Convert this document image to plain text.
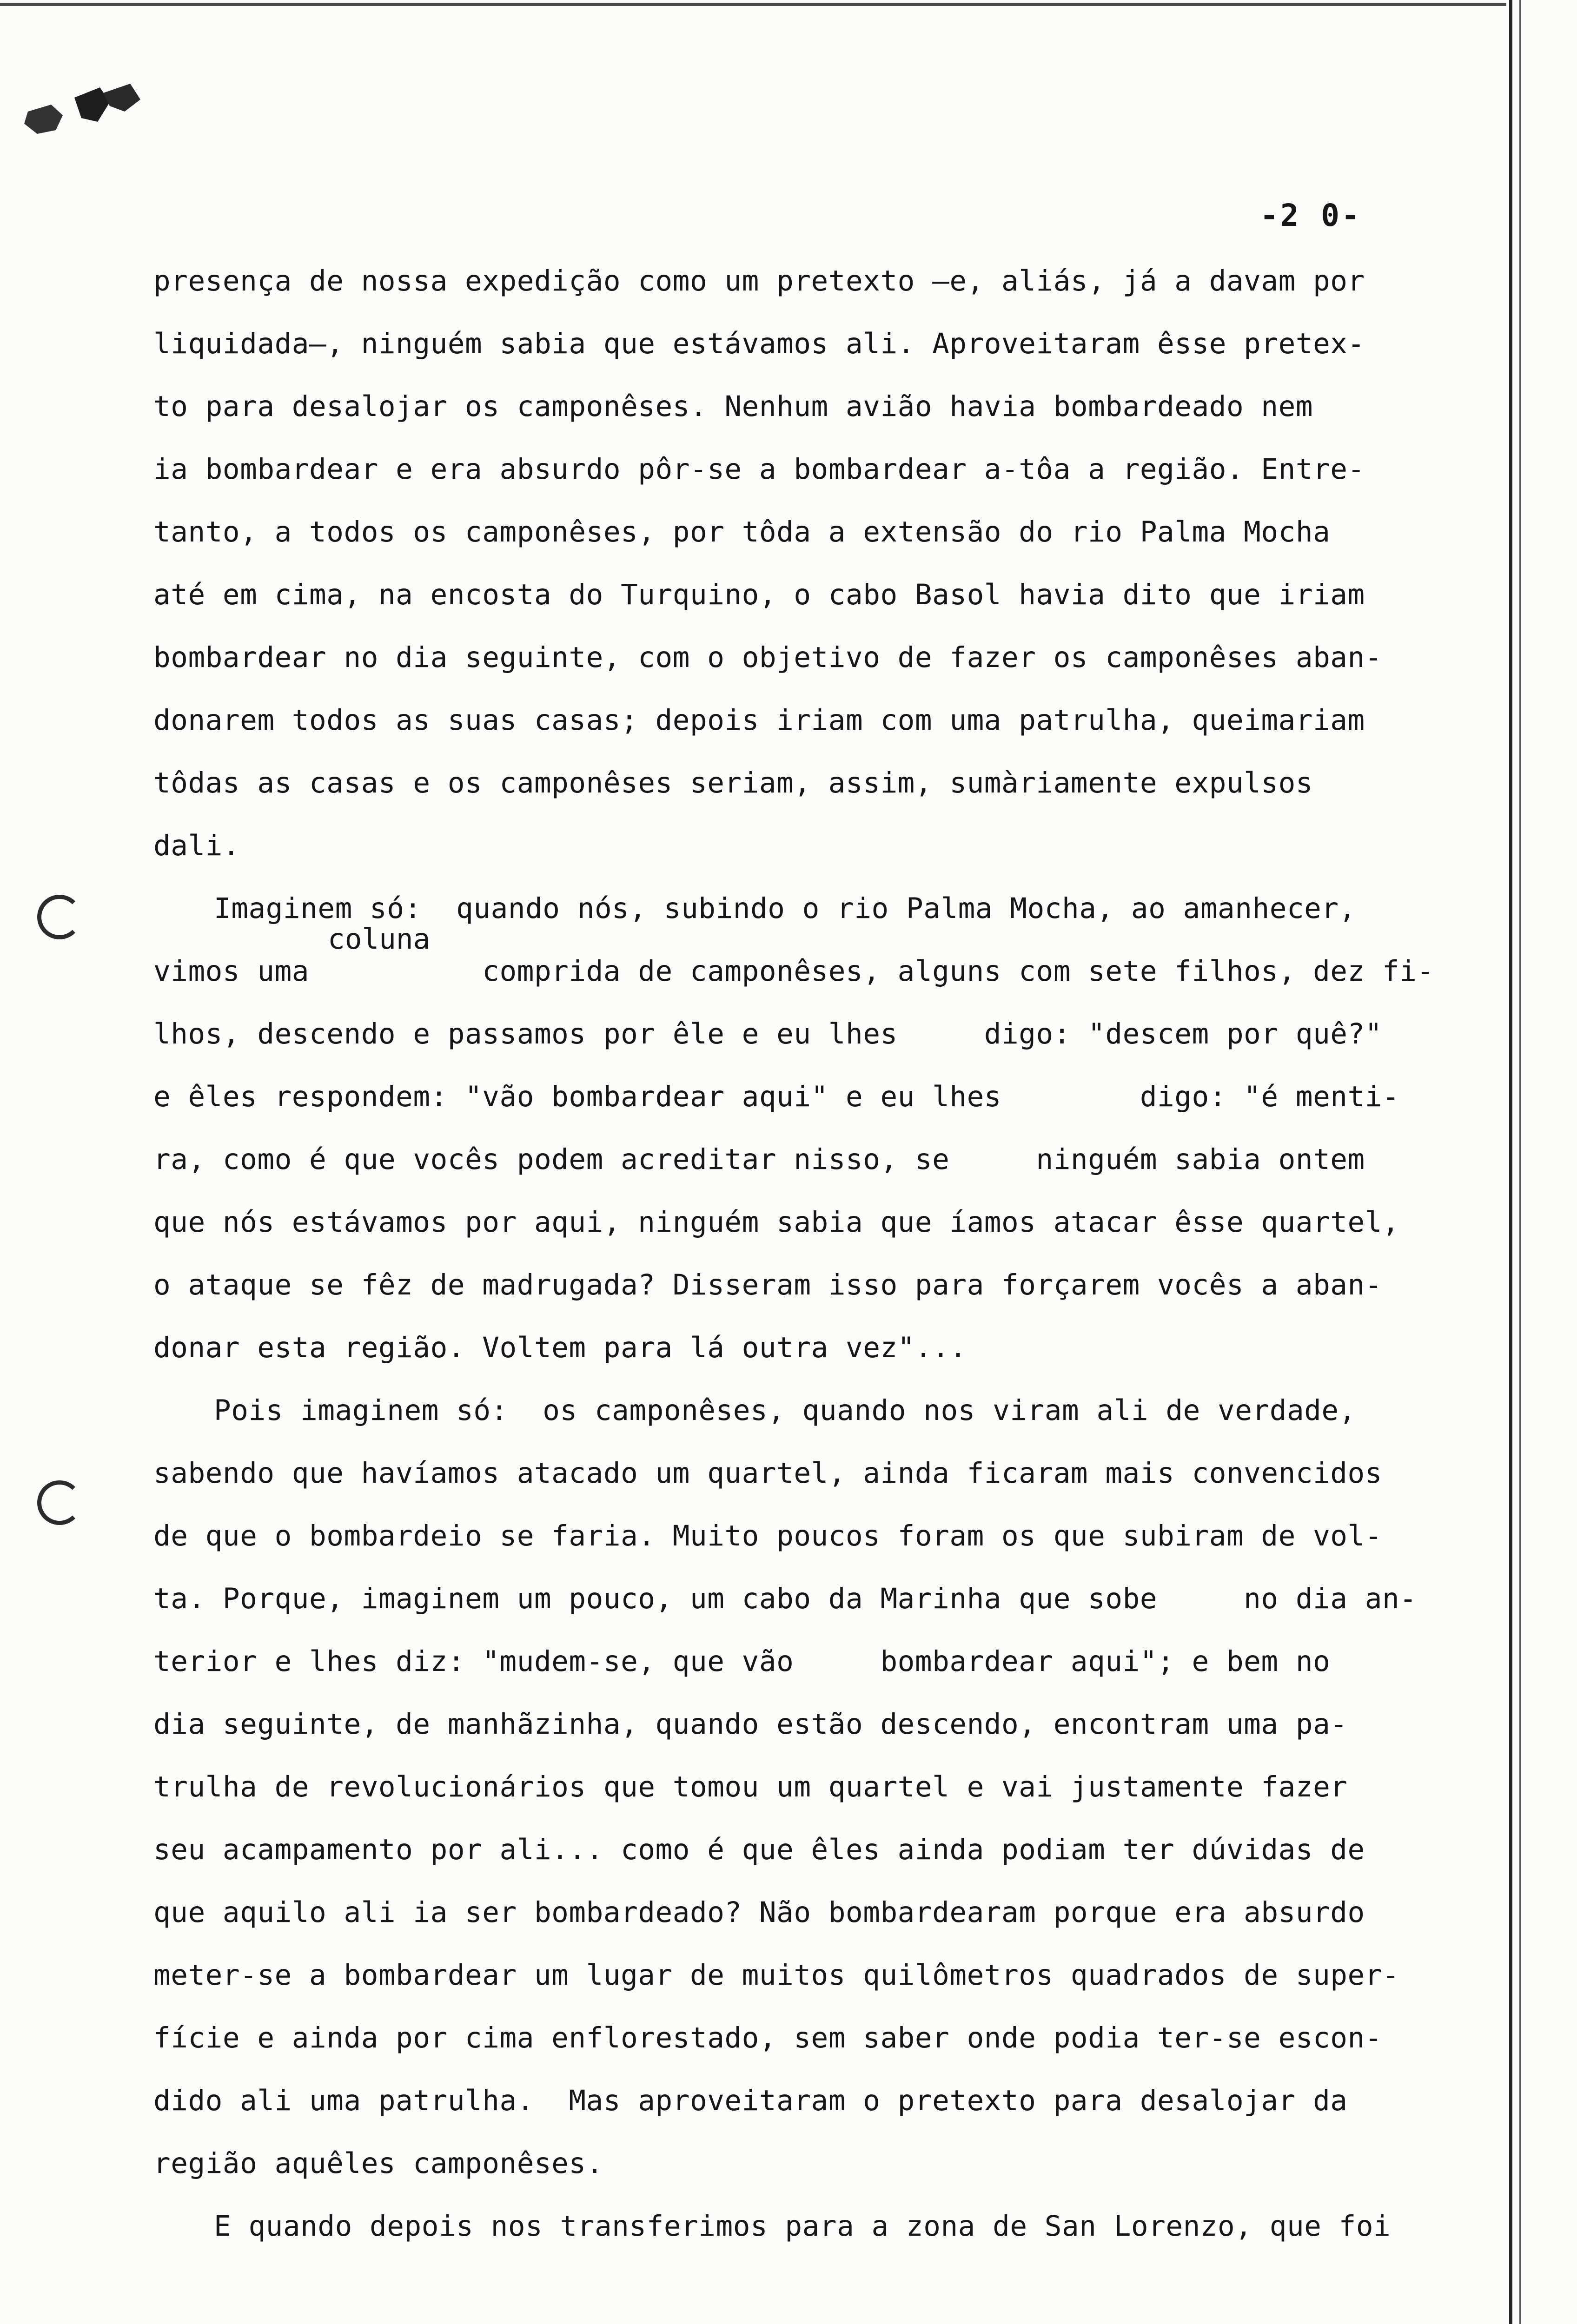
-2 0-
coluna
presença de nossa expedição como um pretexto —e, aliás, já a davam por
liquidada—, ninguém sabia que estávamos ali. Aproveitaram êsse pretex-
to para desalojar os camponêses. Nenhum avião havia bombardeado nem
ia bombardear e era absurdo pôr-se a bombardear a-tôa a região. Entre-
tanto, a todos os camponêses, por tôda a extensão do rio Palma Mocha
até em cima, na encosta do Turquino, o cabo Basol havia dito que iriam
bombardear no dia seguinte, com o objetivo de fazer os camponêses aban-
donarem todos as suas casas; depois iriam com uma patrulha, queimariam
tôdas as casas e os camponêses seriam, assim, sumàriamente expulsos
dali.
Imaginem só:  quando nós, subindo o rio Palma Mocha, ao amanhecer,
vimos uma          comprida de camponêses, alguns com sete filhos, dez fi-
lhos, descendo e passamos por êle e eu lhes     digo: "descem por quê?"
e êles respondem: "vão bombardear aqui" e eu lhes        digo: "é menti-
ra, como é que vocês podem acreditar nisso, se     ninguém sabia ontem
que nós estávamos por aqui, ninguém sabia que íamos atacar êsse quartel,
o ataque se fêz de madrugada? Disseram isso para forçarem vocês a aban-
donar esta região. Voltem para lá outra vez"...
Pois imaginem só:  os camponêses, quando nos viram ali de verdade,
sabendo que havíamos atacado um quartel, ainda ficaram mais convencidos
de que o bombardeio se faria. Muito poucos foram os que subiram de vol-
ta. Porque, imaginem um pouco, um cabo da Marinha que sobe     no dia an-
terior e lhes diz: "mudem-se, que vão     bombardear aqui"; e bem no
dia seguinte, de manhãzinha, quando estão descendo, encontram uma pa-
trulha de revolucionários que tomou um quartel e vai justamente fazer
seu acampamento por ali... como é que êles ainda podiam ter dúvidas de
que aquilo ali ia ser bombardeado? Não bombardearam porque era absurdo
meter-se a bombardear um lugar de muitos quilômetros quadrados de super-
fície e ainda por cima enflorestado, sem saber onde podia ter-se escon-
dido ali uma patrulha.  Mas aproveitaram o pretexto para desalojar da
região aquêles camponêses.
E quando depois nos transferimos para a zona de San Lorenzo, que foi
